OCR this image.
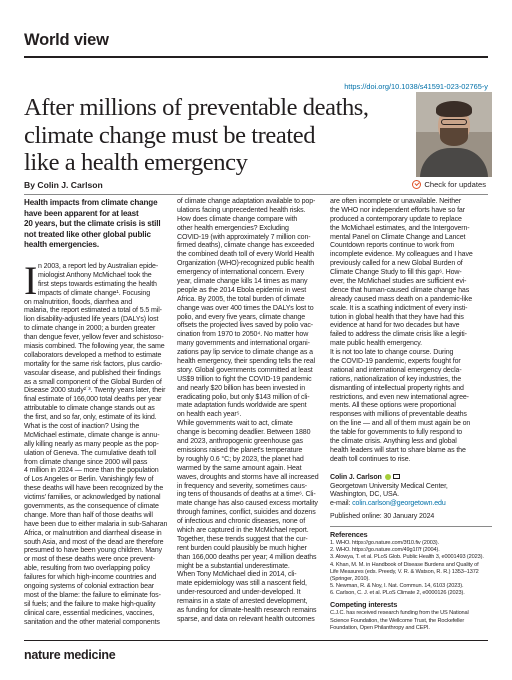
World view
https://doi.org/10.1038/s41591-023-02765-y
After millions of preventable deaths,
climate change must be treated
like a health emergency
By Colin J. Carlson	Check for updates
Health impacts from climate change
have been apparent for at least
20 years, but the climate crisis is still
not treated like other global public
health emergencies.
I n 2003, a report led by Australian epide-
miologist Anthony McMichael took the
first steps towards estimating the health
impacts of climate change¹. Focusing
on malnutrition, floods, diarrhea and
malaria, the report estimated a total of 5.5 mil-
lion disability-adjusted life years (DALYs) lost
to climate change in 2000; a burden greater
than dengue fever, yellow fever and schistoso-
miasis combined. The following year, the same
collaborators developed a method to estimate
mortality for the same risk factors, plus cardio-
vascular disease, and published their findings
as a small component of the Global Burden of
Disease 2000 study²˙³. Twenty years later, their
final estimate of 166,000 total deaths per year
attributable to climate change stands out as
the first, and so far, only, estimate of its kind.
What is the cost of inaction? Using the
McMichael estimate, climate change is annu-
ally killing nearly as many people as the pop-
ulation of Geneva. The cumulative death toll
from climate change since 2000 will pass
4 million in 2024 — more than the population
of Los Angeles or Berlin. Vanishingly few of
these deaths will have been recognized by the
victims' families, or acknowledged by national
governments, as the consequence of climate
change. More than half of those deaths will
have been due to either malaria in sub-Saharan
Africa, or malnutrition and diarrheal disease in
south Asia, and most of the dead are therefore
presumed to have been young children. Many
or most of these deaths were once prevent-
able, resulting from two overlapping policy
failures for which high-income countries and
ongoing systems of colonial extraction bear
most of the blame: the failure to eliminate fos-
sil fuels; and the failure to make high-quality
clinical care, essential medicines, vaccines,
sanitation and the other material components
of climate change adaptation available to pop-
ulations facing unprecedented health risks.
How does climate change compare with
other health emergencies? Excluding
COVID-19 (with approximately 7 million con-
firmed deaths), climate change has exceeded
the combined death toll of every World Health
Organization (WHO)-recognized public health
emergency of international concern. Every
year, climate change kills 14 times as many
people as the 2014 Ebola epidemic in west
Africa. By 2005, the total burden of climate
change was over 400 times the DALYs lost to
polio, and every five years, climate change
offsets the projected lives saved by polio vac-
cination from 1970 to 2050⁴. No matter how
many governments and international organi-
zations pay lip service to climate change as a
health emergency, their spending tells the real
story. Global governments committed at least
US$9 trillion to fight the COVID-19 pandemic
and nearly $20 billion has been invested in
eradicating polio, but only $143 million of cli-
mate adaptation funds worldwide are spent
on health each year⁵.
While governments wait to act, climate
change is becoming deadlier. Between 1880
and 2023, anthropogenic greenhouse gas
emissions raised the planet's temperature
by roughly 0.6 °C; by 2023, the planet had
warmed by the same amount again. Heat
waves, droughts and storms have all increased
in frequency and severity, sometimes caus-
ing tens of thousands of deaths at a time⁶. Cli-
mate change has also caused excess mortality
through famines, conflict, suicides and dozens
of infectious and chronic diseases, none of
which are captured in the McMichael report.
Together, these trends suggest that the cur-
rent burden could plausibly be much higher
than 166,000 deaths per year; 4 million deaths
might be a substantial underestimate.
When Tony McMichael died in 2014, cli-
mate epidemiology was still a nascent field,
under-resourced and under-developed. It
remains in a state of arrested development,
as funding for climate-health research remains
sparse, and data on relevant health outcomes
are often incomplete or unavailable. Neither
the WHO nor independent efforts have so far
produced a contemporary update to replace
the McMichael estimates, and the Intergovern-
mental Panel on Climate Change and Lancet
Countdown reports continue to work from
incomplete evidence. My colleagues and I have
previously called for a new Global Burden of
Climate Change Study to fill this gap⁶. How-
ever, the McMichael studies are sufficient evi-
dence that human-caused climate change has
already caused mass death on a pandemic-like
scale. It is a scathing indictment of every insti-
tution in global health that they have had this
evidence at hand for two decades but have
failed to address the climate crisis like a legiti-
mate public health emergency.
It is not too late to change course. During
the COVID-19 pandemic, experts fought for
national and international emergency decla-
rations, nationalization of key industries, the
dismantling of intellectual property rights and
restrictions, and even new international agree-
ments. All these options were proportional
responses with millions of preventable deaths
on the line — and all of them must again be on
the table for governments to fully respond to
the climate crisis. Anything less and global
health leaders will start to share blame as the
death toll continues to rise.
Colin J. Carlson
Georgetown University Medical Center,
Washington, DC, USA.
e-mail: colin.carlson@georgetown.edu
Published online: 30 January 2024
References
1. WHO. https://go.nature.com/3f10.fiv (2003).
2. WHO. https://go.nature.com/49g1I7f (2004).
3. Alowya, T. et al. PLoS Glob. Public Health 3, e0001493 (2023).
4. Khan, M. M. in Handbook of Disease Burdens and Quality of
Life Measures (eds. Preedy, V. R. & Watson, R. R.) 1353–1372
(Springer, 2010).
5. Newman, R. & Noy, I. Nat. Commun. 14, 6103 (2023).
6. Carlson, C. J. et al. PLoS Climate 2, e0000126 (2023).
Competing interests
C.J.C. has received research funding from the US National
Science Foundation, the Wellcome Trust, the Rockefeller
Foundation, Open Philanthropy and CEPI.
nature medicine
